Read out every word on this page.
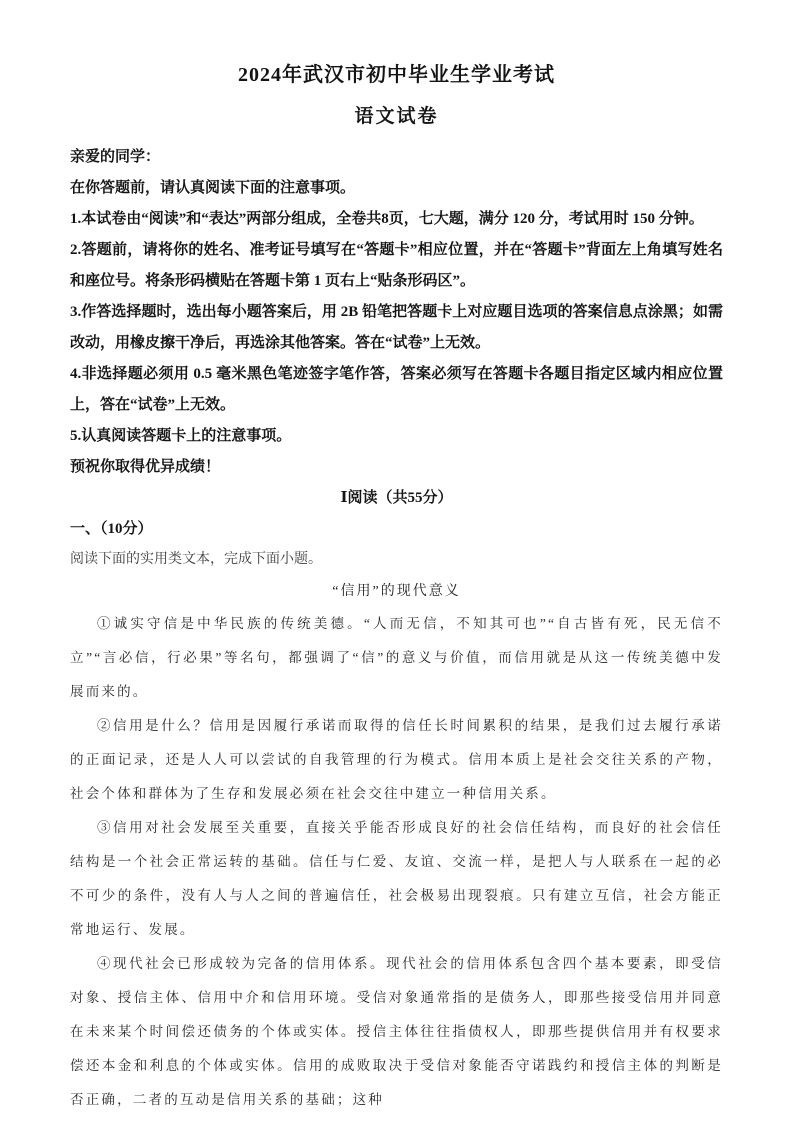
2024年武汉市初中毕业生学业考试
语文试卷

亲爱的同学：

在你答题前，请认真阅读下面的注意事项。

1.本试卷由“阅读”和“表达”两部分组成，全卷共8页，七大题，满分 120 分，考试用时 150 分钟。

2.答题前，请将你的姓名、准考证号填写在“答题卡”相应位置，并在“答题卡”背面左上角填写姓名和座位号。将条形码横贴在答题卡第 1 页右上“贴条形码区”。

3.作答选择题时，选出每小题答案后，用 2B 铅笔把答题卡上对应题目选项的答案信息点涂黑；如需改动，用橡皮擦干净后，再选涂其他答案。答在“试卷”上无效。

4.非选择题必须用 0.5 毫米黑色笔迹签字笔作答，答案必须写在答题卡各题目指定区域内相应位置上，答在“试卷”上无效。

5.认真阅读答题卡上的注意事项。

预祝你取得优异成绩！

Ⅰ阅读（共55分）
一、（10分）

阅读下面的实用类文本，完成下面小题。

“信用”的现代意义

①诚实守信是中华民族的传统美德。“人而无信，不知其可也”“自古皆有死，民无信不立”“言必信，行必果”等名句，都强调了“信”的意义与价值，而信用就是从这一传统美德中发展而来的。

②信用是什么？信用是因履行承诺而取得的信任长时间累积的结果，是我们过去履行承诺的正面记录，还是人人可以尝试的自我管理的行为模式。信用本质上是社会交往关系的产物，社会个体和群体为了生存和发展必须在社会交往中建立一种信用关系。

③信用对社会发展至关重要，直接关乎能否形成良好的社会信任结构，而良好的社会信任结构是一个社会正常运转的基础。信任与仁爱、友谊、交流一样，是把人与人联系在一起的必不可少的条件，没有人与人之间的普遍信任，社会极易出现裂痕。只有建立互信，社会方能正常地运行、发展。

④现代社会已形成较为完备的信用体系。现代社会的信用体系包含四个基本要素，即受信对象、授信主体、信用中介和信用环境。受信对象通常指的是债务人，即那些接受信用并同意在未来某个时间偿还债务的个体或实体。授信主体往往指债权人，即那些提供信用并有权要求偿还本金和利息的个体或实体。信用的成败取决于受信对象能否守诺践约和授信主体的判断是否正确，二者的互动是信用关系的基础；这种
